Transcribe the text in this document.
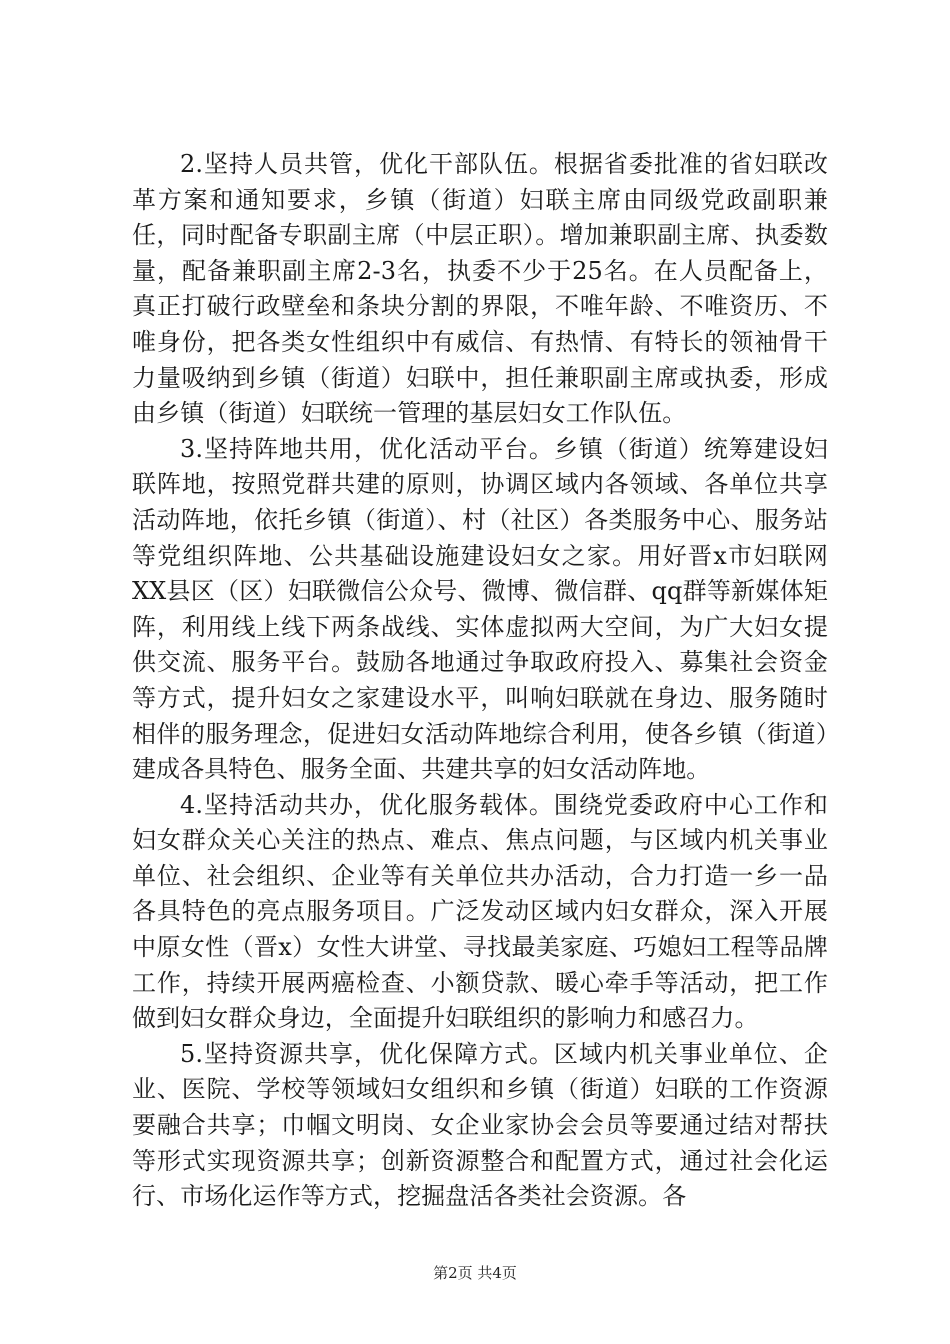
2.坚持人员共管，优化干部队伍。根据省委批准的省妇联改革方案和通知要求，乡镇（街道）妇联主席由同级党政副职兼任，同时配备专职副主席（中层正职）。增加兼职副主席、执委数量，配备兼职副主席2-3名，执委不少于25名。在人员配备上，真正打破行政壁垒和条块分割的界限，不唯年龄、不唯资历、不唯身份，把各类女性组织中有威信、有热情、有特长的领袖骨干力量吸纳到乡镇（街道）妇联中，担任兼职副主席或执委，形成由乡镇（街道）妇联统一管理的基层妇女工作队伍。

3.坚持阵地共用，优化活动平台。乡镇（街道）统筹建设妇联阵地，按照党群共建的原则，协调区域内各领域、各单位共享活动阵地，依托乡镇（街道）、村（社区）各类服务中心、服务站等党组织阵地、公共基础设施建设妇女之家。用好晋x市妇联网XX县区（区）妇联微信公众号、微博、微信群、qq群等新媒体矩阵，利用线上线下两条战线、实体虚拟两大空间，为广大妇女提供交流、服务平台。鼓励各地通过争取政府投入、募集社会资金等方式，提升妇女之家建设水平，叫响妇联就在身边、服务随时相伴的服务理念，促进妇女活动阵地综合利用，使各乡镇（街道）建成各具特色、服务全面、共建共享的妇女活动阵地。

4.坚持活动共办，优化服务载体。围绕党委政府中心工作和妇女群众关心关注的热点、难点、焦点问题，与区域内机关事业单位、社会组织、企业等有关单位共办活动，合力打造一乡一品各具特色的亮点服务项目。广泛发动区域内妇女群众，深入开展中原女性（晋x）女性大讲堂、寻找最美家庭、巧媳妇工程等品牌工作，持续开展两癌检查、小额贷款、暖心牵手等活动，把工作做到妇女群众身边，全面提升妇联组织的影响力和感召力。

5.坚持资源共享，优化保障方式。区域内机关事业单位、企业、医院、学校等领域妇女组织和乡镇（街道）妇联的工作资源要融合共享；巾帼文明岗、女企业家协会会员等要通过结对帮扶等形式实现资源共享；创新资源整合和配置方式，通过社会化运行、市场化运作等方式，挖掘盘活各类社会资源。各

第2页 共4页
